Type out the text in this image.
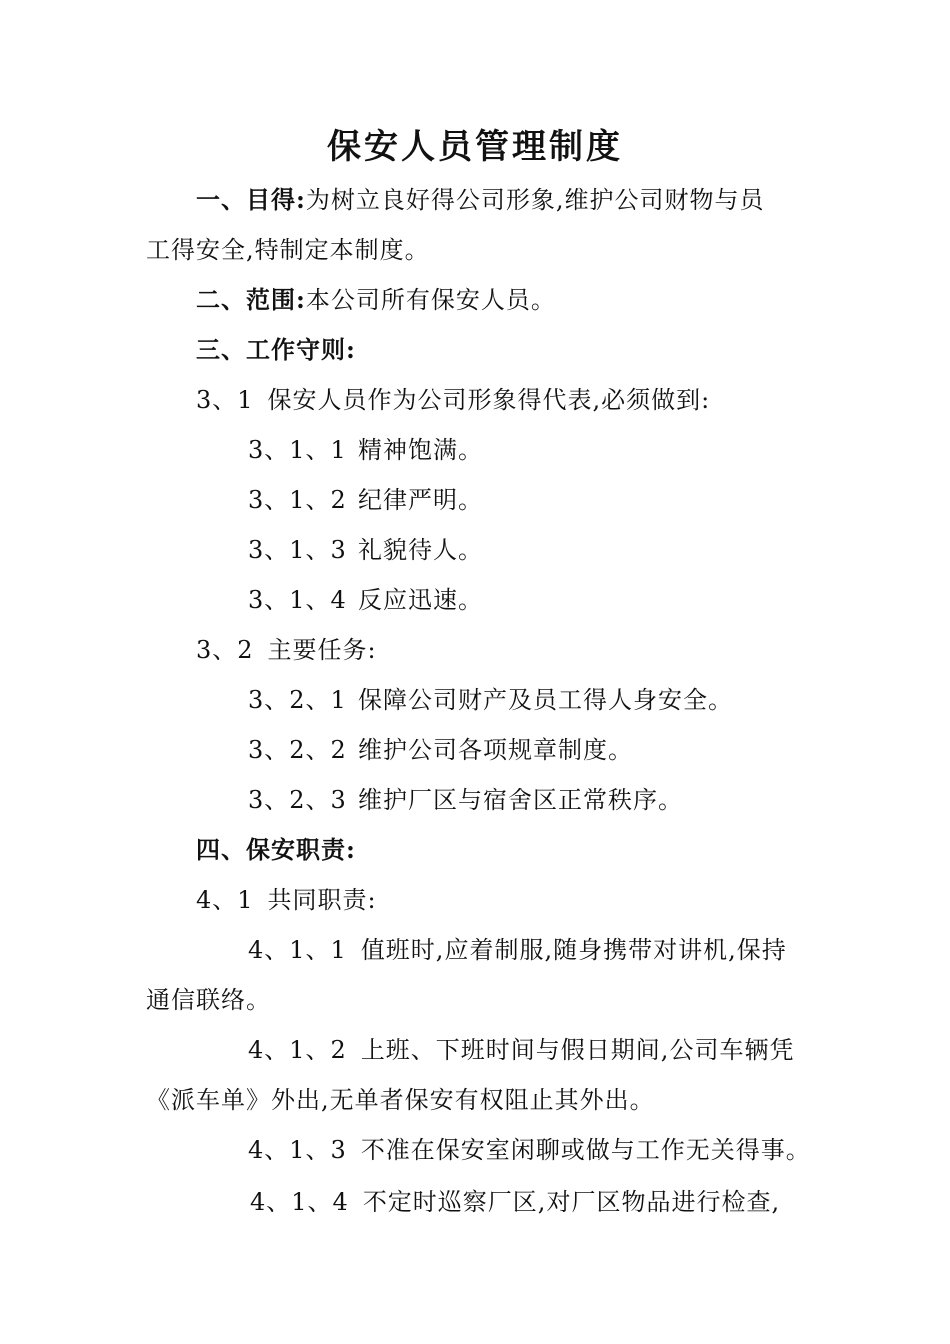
保安人员管理制度
一、目得:为树立良好得公司形象,维护公司财物与员
工得安全,特制定本制度。
二、范围:本公司所有保安人员。
三、工作守则:
3、1 保安人员作为公司形象得代表,必须做到:
3、1、1 精神饱满。
3、1、2 纪律严明。
3、1、3 礼貌待人。
3、1、4 反应迅速。
3、2 主要任务:
3、2、1 保障公司财产及员工得人身安全。
3、2、2 维护公司各项规章制度。
3、2、3 维护厂区与宿舍区正常秩序。
四、保安职责:
4、1 共同职责:
4、1、1 值班时,应着制服,随身携带对讲机,保持
通信联络。
4、1、2 上班、下班时间与假日期间,公司车辆凭
《派车单》外出,无单者保安有权阻止其外出。
4、1、3 不准在保安室闲聊或做与工作无关得事。
4、1、4 不定时巡察厂区,对厂区物品进行检查,
